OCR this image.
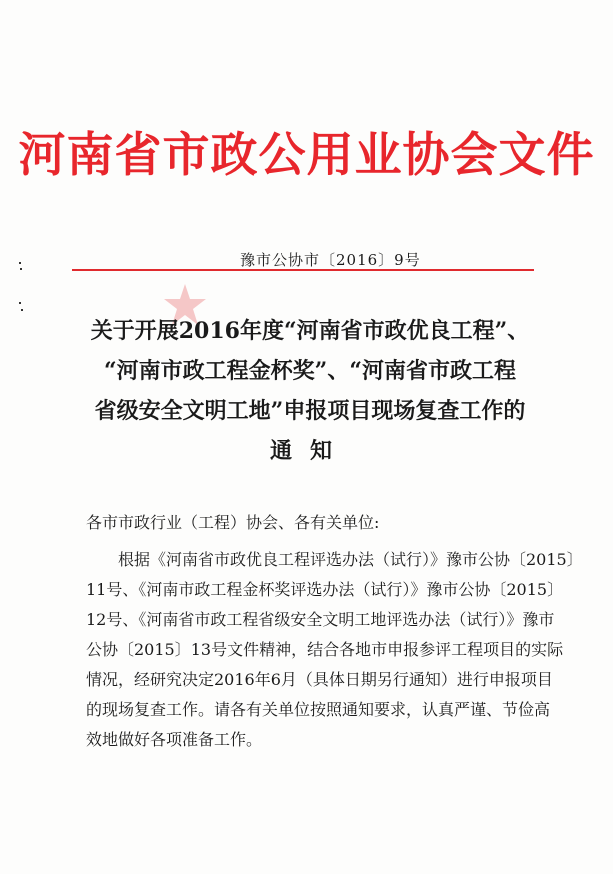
河南省市政公用业协会文件
豫市公协市〔2016〕9号
关于开展2016年度“河南省市政优良工程”、
“河南市政工程金杯奖”、“河南省市政工程
省级安全文明工地”申报项目现场复查工作的
通知
各市市政行业（工程）协会、各有关单位:
根据《河南省市政优良工程评选办法（试行）》豫市公协〔2015〕
11号、《河南市政工程金杯奖评选办法（试行）》豫市公协〔2015〕
12号、《河南省市政工程省级安全文明工地评选办法（试行）》豫市
公协〔2015〕13号文件精神，结合各地市申报参评工程项目的实际
情况，经研究决定2016年6月（具体日期另行通知）进行申报项目
的现场复查工作。请各有关单位按照通知要求，认真严谨、节俭高
效地做好各项准备工作。
